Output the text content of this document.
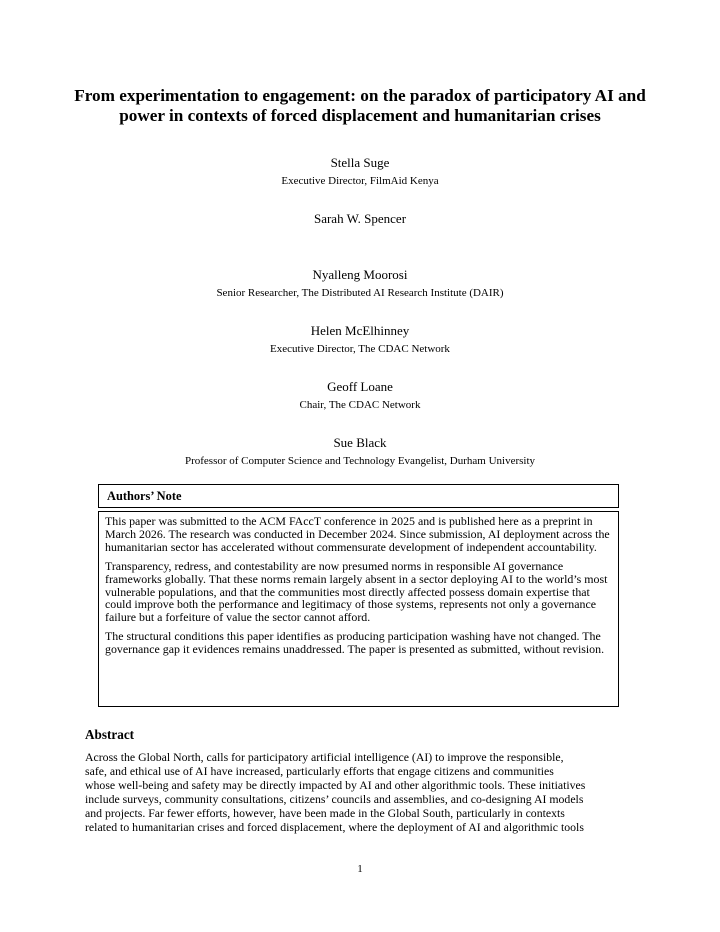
From experimentation to engagement: on the paradox of participatory AI and
power in contexts of forced displacement and humanitarian crises
Stella Suge
Executive Director, FilmAid Kenya
Sarah W. Spencer
Nyalleng Moorosi
Senior Researcher, The Distributed AI Research Institute (DAIR)
Helen McElhinney
Executive Director, The CDAC Network
Geoff Loane
Chair, The CDAC Network
Sue Black
Professor of Computer Science and Technology Evangelist, Durham University
Authors’ Note

This paper was submitted to the ACM FAccT conference in 2025 and is published here as a preprint in March 2026. The research was conducted in December 2024. Since submission, AI deployment across the humanitarian sector has accelerated without commensurate development of independent accountability.

Transparency, redress, and contestability are now presumed norms in responsible AI governance frameworks globally. That these norms remain largely absent in a sector deploying AI to the world’s most vulnerable populations, and that the communities most directly affected possess domain expertise that could improve both the performance and legitimacy of those systems, represents not only a governance failure but a forfeiture of value the sector cannot afford.

The structural conditions this paper identifies as producing participation washing have not changed. The governance gap it evidences remains unaddressed. The paper is presented as submitted, without revision.

Abstract
Across the Global North, calls for participatory artificial intelligence (AI) to improve the responsible,
safe, and ethical use of AI have increased, particularly efforts that engage citizens and communities
whose well-being and safety may be directly impacted by AI and other algorithmic tools. These initiatives
include surveys, community consultations, citizens’ councils and assemblies, and co-designing AI models
and projects. Far fewer efforts, however, have been made in the Global South, particularly in contexts
related to humanitarian crises and forced displacement, where the deployment of AI and algorithmic tools
1
